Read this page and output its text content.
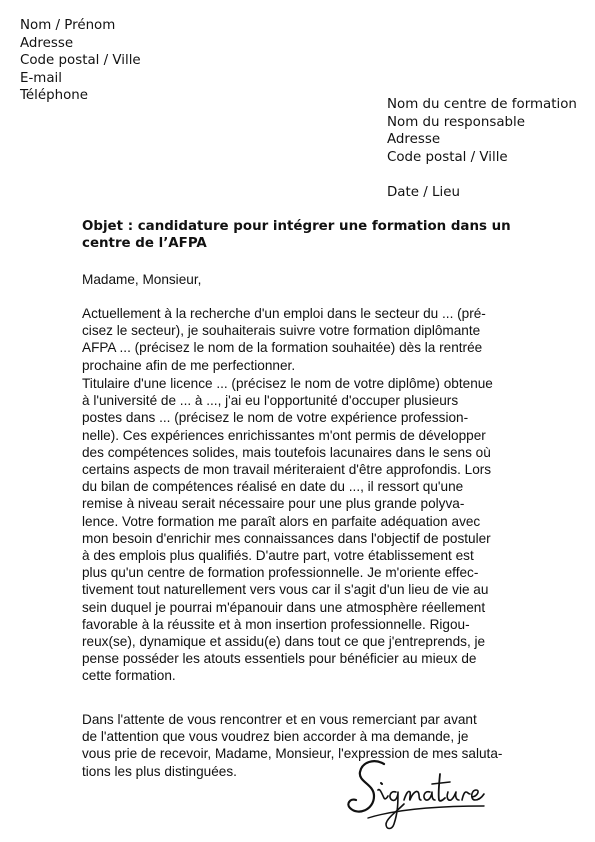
Nom / Prénom
Adresse
Code postal / Ville
E-mail
Téléphone
Nom du centre de formation
Nom du responsable
Adresse
Code postal / Ville
Date / Lieu
Objet : candidature pour intégrer une formation dans un
centre de l’AFPA
Madame, Monsieur,
Actuellement à la recherche d'un emploi dans le secteur du ... (pré-
cisez le secteur), je souhaiterais suivre votre formation diplômante
AFPA ... (précisez le nom de la formation souhaitée) dès la rentrée
prochaine afin de me perfectionner.
Titulaire d'une licence ... (précisez le nom de votre diplôme) obtenue
à l'université de ... à ..., j'ai eu l'opportunité d'occuper plusieurs
postes dans ... (précisez le nom de votre expérience profession-
nelle). Ces expériences enrichissantes m'ont permis de développer
des compétences solides, mais toutefois lacunaires dans le sens où
certains aspects de mon travail mériteraient d'être approfondis. Lors
du bilan de compétences réalisé en date du ..., il ressort qu'une
remise à niveau serait nécessaire pour une plus grande polyva-
lence. Votre formation me paraît alors en parfaite adéquation avec
mon besoin d'enrichir mes connaissances dans l'objectif de postuler
à des emplois plus qualifiés. D'autre part, votre établissement est
plus qu'un centre de formation professionnelle. Je m'oriente effec-
tivement tout naturellement vers vous car il s'agit d'un lieu de vie au
sein duquel je pourrai m'épanouir dans une atmosphère réellement
favorable à la réussite et à mon insertion professionnelle. Rigou-
reux(se), dynamique et assidu(e) dans tout ce que j'entreprends, je
pense posséder les atouts essentiels pour bénéficier au mieux de
cette formation.
Dans l'attente de vous rencontrer et en vous remerciant par avant
de l'attention que vous voudrez bien accorder à ma demande, je
vous prie de recevoir, Madame, Monsieur, l'expression de mes saluta-
tions les plus distinguées.
